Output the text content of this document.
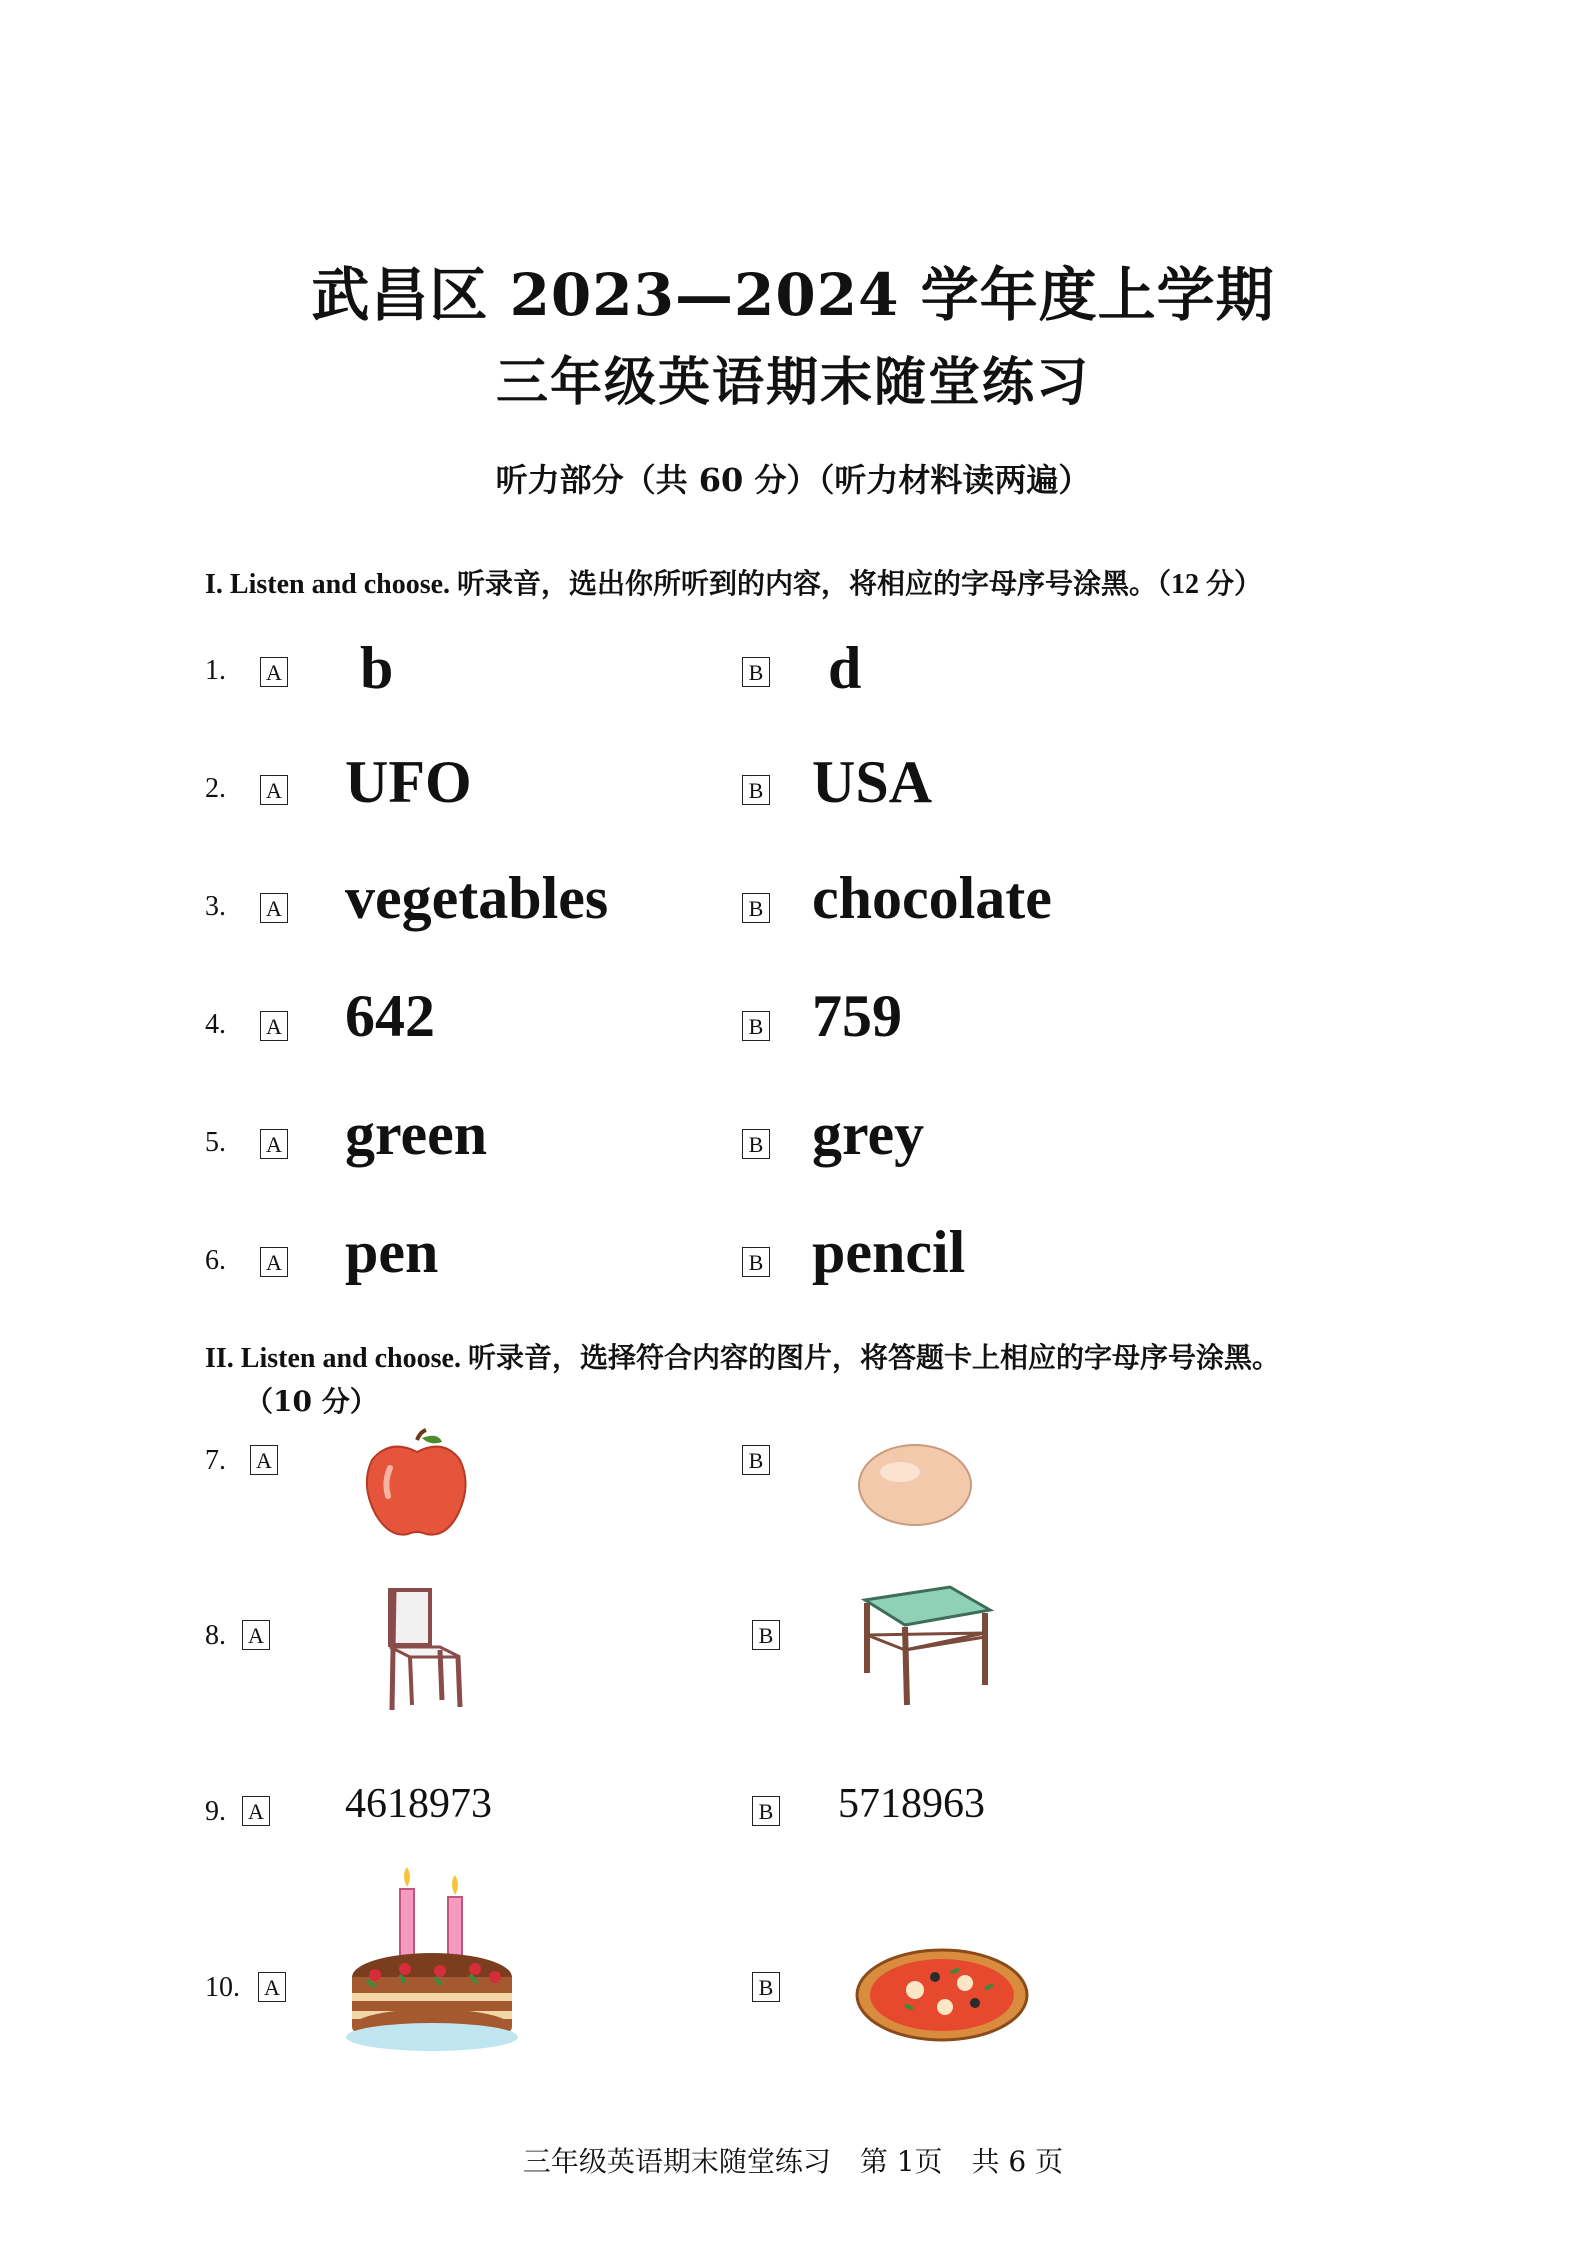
武昌区 2023—2024 学年度上学期
三年级英语期末随堂练习
听力部分（共 60 分）（听力材料读两遍）
I. Listen and choose. 听录音，选出你所听到的内容，将相应的字母序号涂黑。（12 分）
1. A b	B d
2. A UFO	B USA
3. A vegetables	B chocolate
4. A 642	B 759
5. A green	B grey
6. A pen	B pencil
II. Listen and choose. 听录音，选择符合内容的图片，将答题卡上相应的字母序号涂黑。
（10 分）
7. A	B
8. A	B
9. A 4618973	B 5718963
10. A	B
三年级英语期末随堂练习 第 1页 共 6 页
